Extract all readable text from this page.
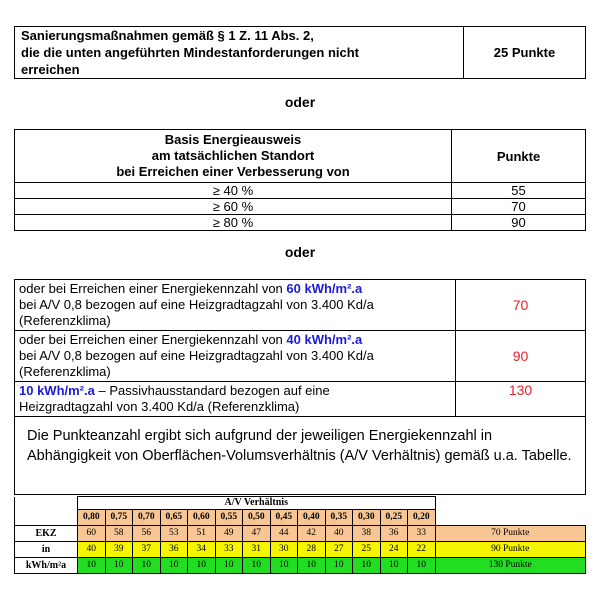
Sanierungsmaßnahmen gemäß § 1 Z. 11 Abs. 2,
die die unten angeführten Mindestanforderungen nicht
erreichen
	25 Punkte
oder
Basis Energieausweis
am tatsächlichen Standort
bei Erreichen einer Verbesserung von	Punkte
≥ 40 %	55
≥ 60 %	70
≥ 80 %	90
oder
oder bei Erreichen einer Energiekennzahl von 60 kWh/m².a
bei A/V 0,8 bezogen auf eine Heizgradtagzahl von 3.400 Kd/a
(Referenzklima)	70
oder bei Erreichen einer Energiekennzahl von 40 kWh/m².a
bei A/V 0,8 bezogen auf eine Heizgradtagzahl von 3.400 Kd/a
(Referenzklima)	90
10 kWh/m².a – Passivhausstandard bezogen auf eine
Heizgradtagzahl von 3.400 Kd/a (Referenzklima)	130
Die Punkteanzahl ergibt sich aufgrund der jeweiligen Energiekennzahl in Abhängigkeit von Oberflächen-Volumsverhältnis (A/V Verhältnis) gemäß u.a. Tabelle.	
	A/V Verhältnis													
	0,80	0,75	0,70	0,65	0,60	0,55	0,50	0,45	0,40	0,35	0,30	0,25	0,20	
EKZ	60	58	56	53	51	49	47	44	42	40	38	36	33	70 Punkte
in	40	39	37	36	34	33	31	30	28	27	25	24	22	90 Punkte
kWh/m²a	10	10	10	10	10	10	10	10	10	10	10	10	10	130 Punkte
